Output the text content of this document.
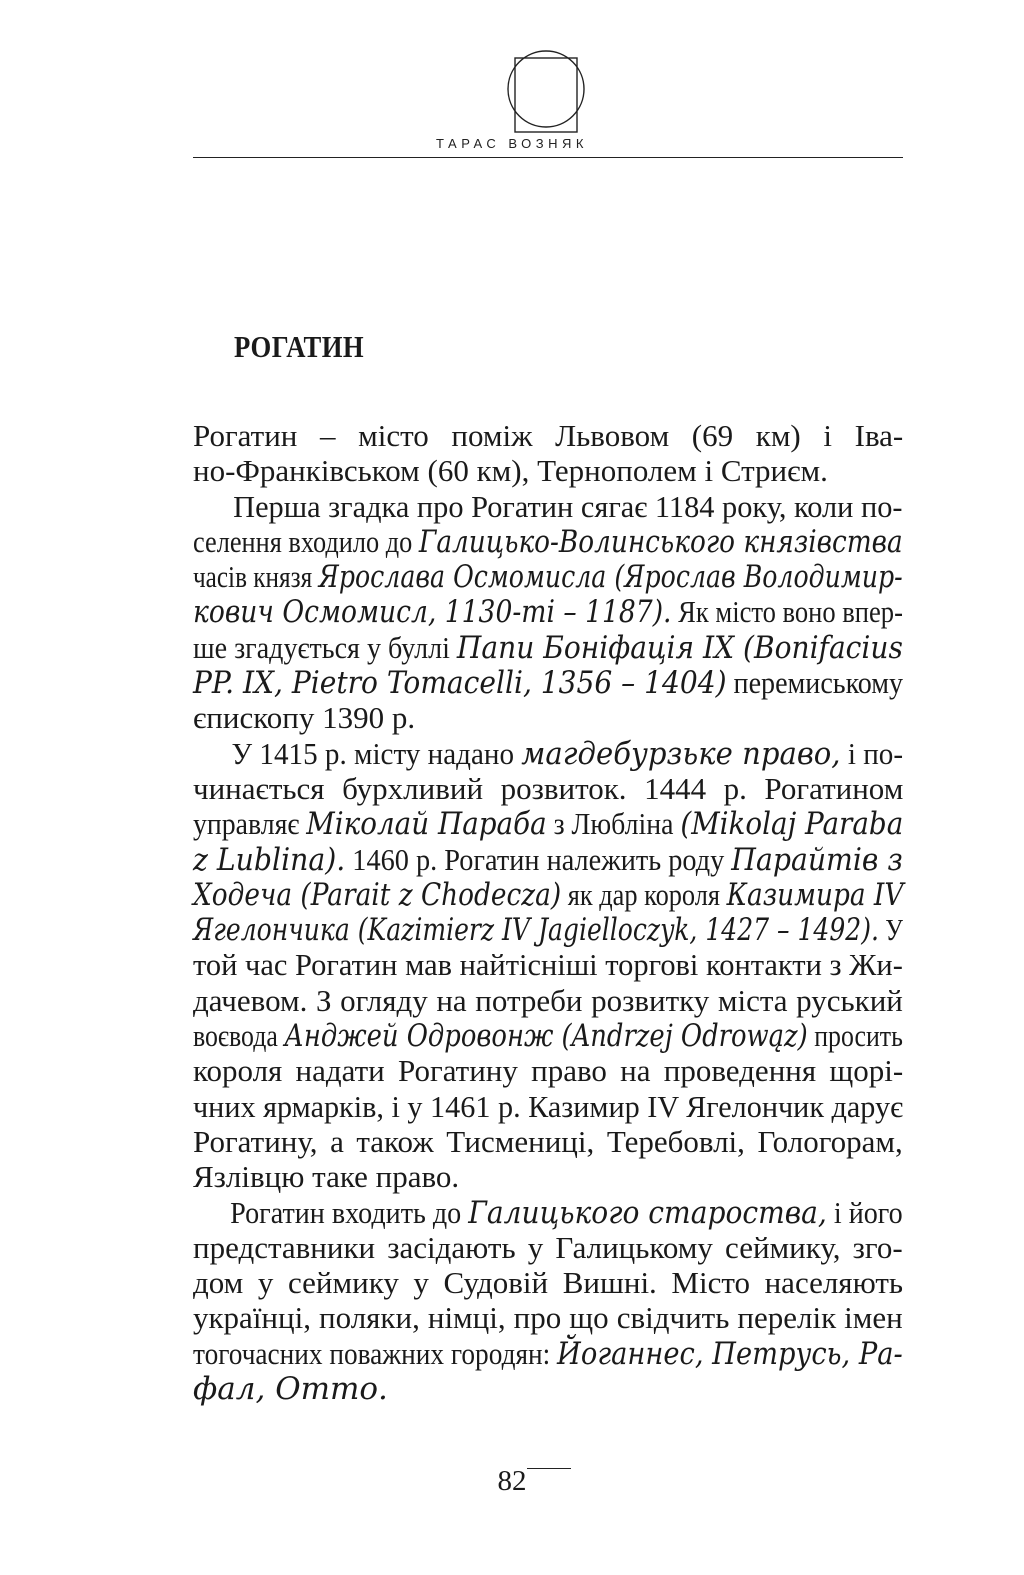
ТАРАС ВОЗНЯК
РОГАТИН
Рогатин – місто поміж Львовом (69 км) і Іва-
но-Франківськом (60 км), Тернополем і Стриєм.
Перша згадка про Рогатин сягає 1184 року, коли по-
селення входило до Галицько-Волинського князівства
часів князя Ярослава Осмомисла (Ярослав Володимир-
кович Осмомисл, 1130-ті – 1187). Як місто воно впер-
ше згадується у буллі Папи Боніфація IX (Bonifacius
PP. IX, Pietro Tomacelli, 1356 – 1404) перемиському
єпископу 1390 р.
У 1415 р. місту надано магдебурзьке право, і по-
чинається бурхливий розвиток. 1444 р. Рогатином
управляє Міколай Параба з Любліна (Mikolaj Paraba
z Lublina). 1460 р. Рогатин належить роду Парайтів з
Ходеча (Parait z Chodecza) як дар короля Казимира IV
Ягелончика (Kazimierz IV Jagielloczyk, 1427 – 1492). У
той час Рогатин мав найтісніші торгові контакти з Жи-
дачевом. З огляду на потреби розвитку міста руський
воєвода Анджей Одровонж (Andrzej Odrowąz) просить
короля надати Рогатину право на проведення щорі-
чних ярмарків, і у 1461 р. Казимир IV Ягелончик дарує
Рогатину, а також Тисмениці, Теребовлі, Гологорам,
Язлівцю таке право.
Рогатин входить до Галицького староства, і його
представники засідають у Галицькому сеймику, зго-
дом у сеймику у Судовій Вишні. Місто населяють
українці, поляки, німці, про що свідчить перелік імен
тогочасних поважних городян: Йоганнес, Петрусь, Ра-
фал, Отто.
82
